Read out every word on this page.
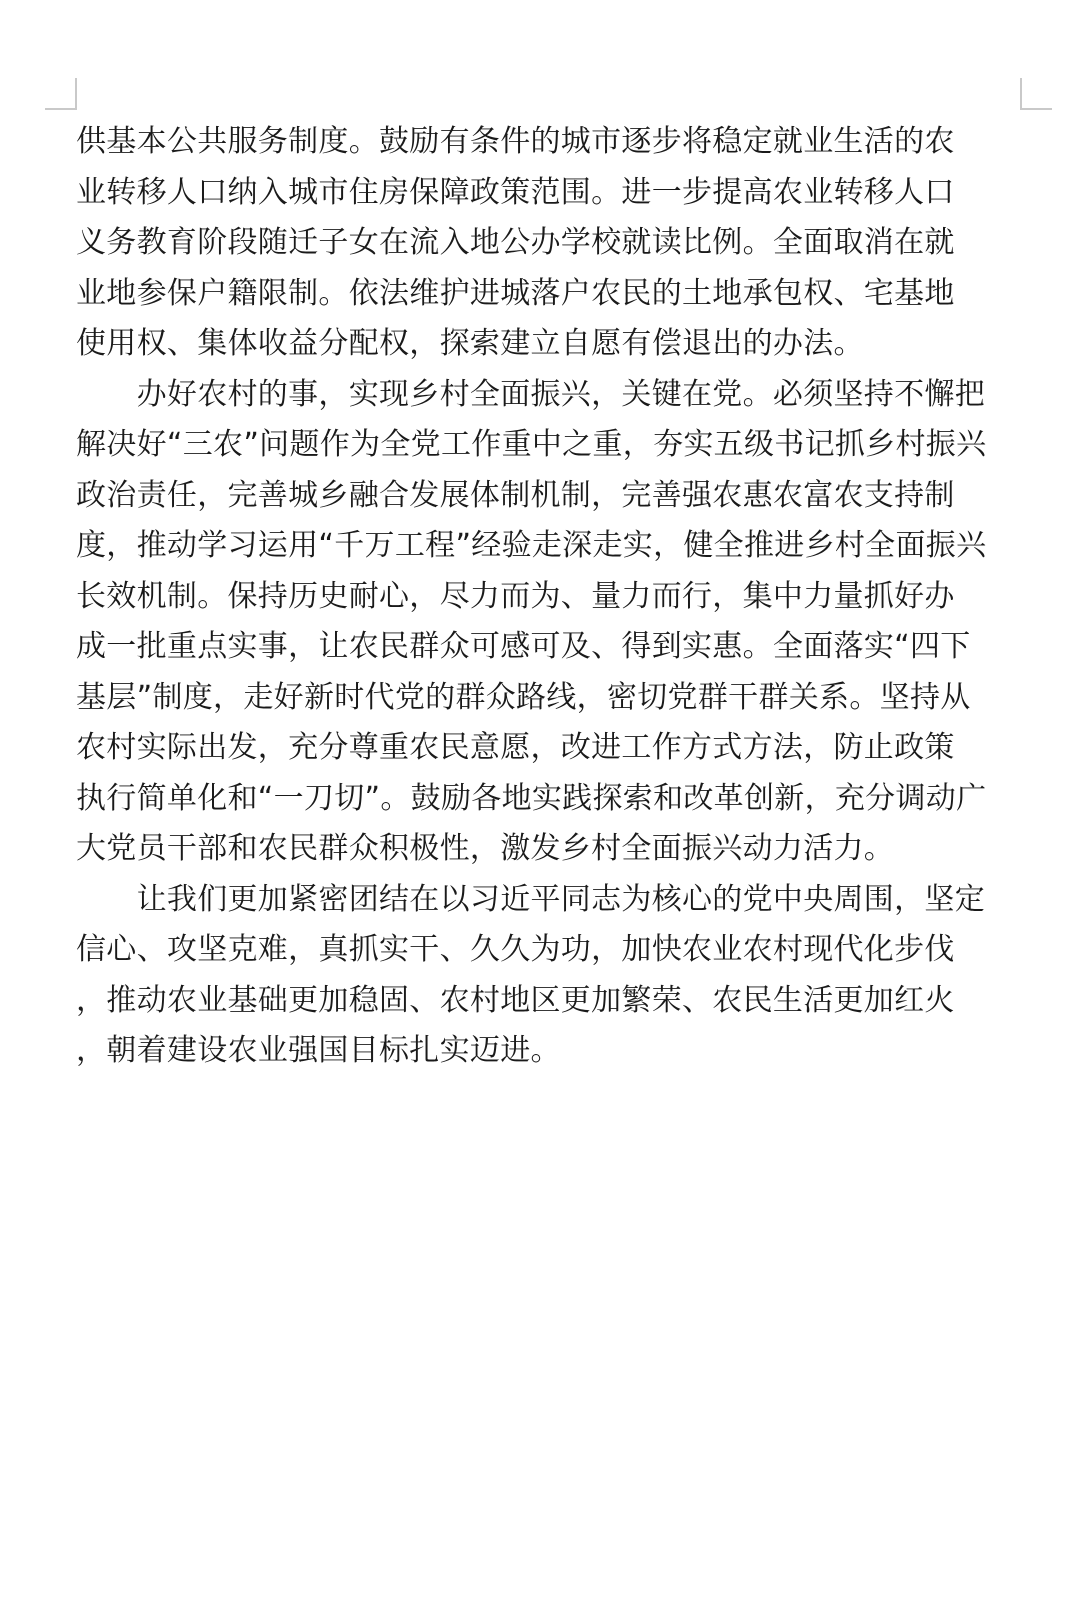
供基本公共服务制度。鼓励有条件的城市逐步将稳定就业生活的农
业转移人口纳入城市住房保障政策范围。进一步提高农业转移人口
义务教育阶段随迁子女在流入地公办学校就读比例。全面取消在就
业地参保户籍限制。依法维护进城落户农民的土地承包权、宅基地
使用权、集体收益分配权，探索建立自愿有偿退出的办法。
　　办好农村的事，实现乡村全面振兴，关键在党。必须坚持不懈把
解决好“三农”问题作为全党工作重中之重，夯实五级书记抓乡村振兴
政治责任，完善城乡融合发展体制机制，完善强农惠农富农支持制
度，推动学习运用“千万工程”经验走深走实，健全推进乡村全面振兴
长效机制。保持历史耐心，尽力而为、量力而行，集中力量抓好办
成一批重点实事，让农民群众可感可及、得到实惠。全面落实“四下
基层”制度，走好新时代党的群众路线，密切党群干群关系。坚持从
农村实际出发，充分尊重农民意愿，改进工作方式方法，防止政策
执行简单化和“一刀切”。鼓励各地实践探索和改革创新，充分调动广
大党员干部和农民群众积极性，激发乡村全面振兴动力活力。
　　让我们更加紧密团结在以习近平同志为核心的党中央周围，坚定
信心、攻坚克难，真抓实干、久久为功，加快农业农村现代化步伐
，推动农业基础更加稳固、农村地区更加繁荣、农民生活更加红火
，朝着建设农业强国目标扎实迈进。
